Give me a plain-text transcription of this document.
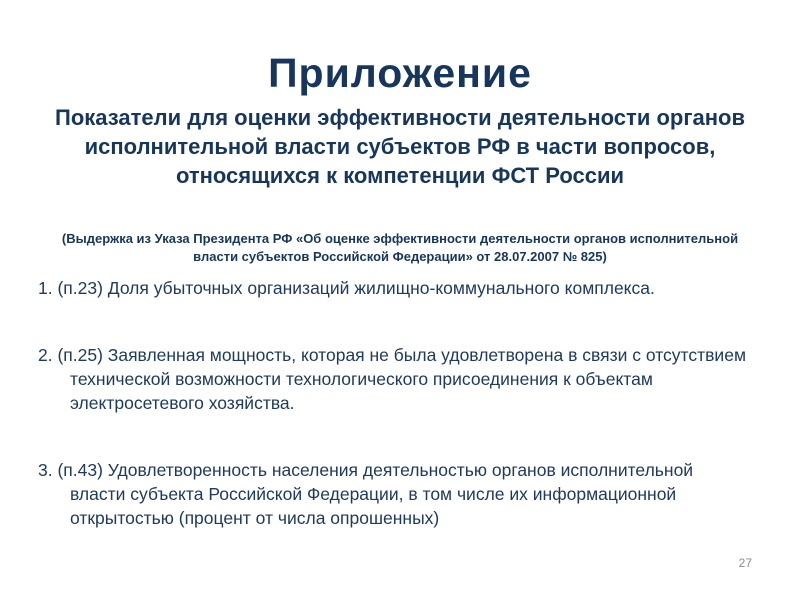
Приложение

Показатели для оценки эффективности деятельности органов исполнительной власти субъектов РФ в части вопросов, относящихся к компетенции ФСТ России

(Выдержка из Указа Президента РФ «Об оценке эффективности деятельности органов исполнительной власти субъектов Российской Федерации» от 28.07.2007 № 825)

1. (п.23) Доля убыточных организаций жилищно-коммунального комплекса.
2. (п.25) Заявленная мощность, которая не была удовлетворена в связи с отсутствием технической возможности технологического присоединения к объектам электросетевого хозяйства.
3. (п.43) Удовлетворенность населения деятельностью органов исполнительной власти субъекта Российской Федерации, в том числе их информационной открытостью (процент от числа опрошенных)
27
